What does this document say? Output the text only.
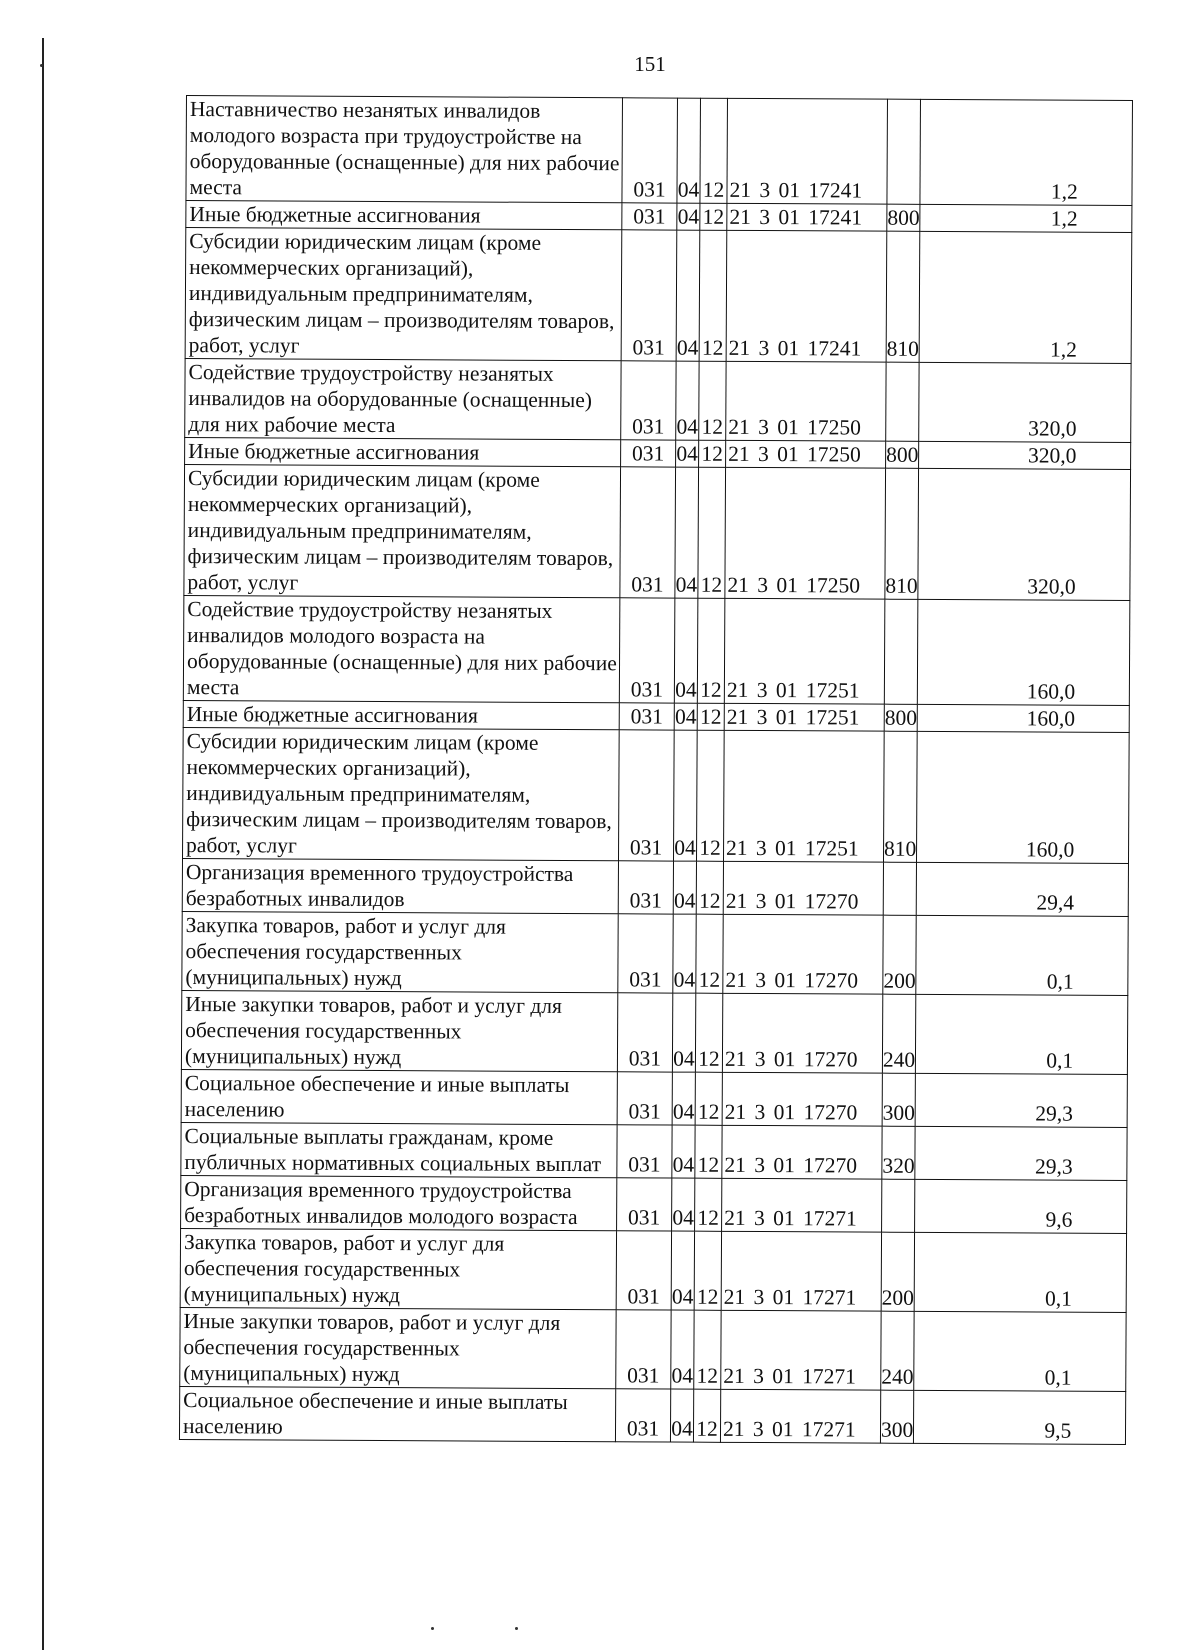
151
Наставничество незанятых инвалидов молодого возраста при трудоустройстве на оборудованные (оснащенные) для них рабочие места	031	04	12	21 3 01 17241		1,2
Иные бюджетные ассигнования	031	04	12	21 3 01 17241	800	1,2
Субсидии юридическим лицам (кроме некоммерческих организаций), индивидуальным предпринимателям, физическим лицам – производителям товаров, работ, услуг	031	04	12	21 3 01 17241	810	1,2
Содействие трудоустройству незанятых инвалидов на оборудованные (оснащенные) для них рабочие места	031	04	12	21 3 01 17250		320,0
Иные бюджетные ассигнования	031	04	12	21 3 01 17250	800	320,0
Субсидии юридическим лицам (кроме некоммерческих организаций), индивидуальным предпринимателям, физическим лицам – производителям товаров, работ, услуг	031	04	12	21 3 01 17250	810	320,0
Содействие трудоустройству незанятых инвалидов молодого возраста на оборудованные (оснащенные) для них рабочие места	031	04	12	21 3 01 17251		160,0
Иные бюджетные ассигнования	031	04	12	21 3 01 17251	800	160,0
Субсидии юридическим лицам (кроме некоммерческих организаций), индивидуальным предпринимателям, физическим лицам – производителям товаров, работ, услуг	031	04	12	21 3 01 17251	810	160,0
Организация временного трудоустройства безработных инвалидов	031	04	12	21 3 01 17270		29,4
Закупка товаров, работ и услуг для обеспечения государственных (муниципальных) нужд	031	04	12	21 3 01 17270	200	0,1
Иные закупки товаров, работ и услуг для обеспечения государственных (муниципальных) нужд	031	04	12	21 3 01 17270	240	0,1
Социальное обеспечение и иные выплаты населению	031	04	12	21 3 01 17270	300	29,3
Социальные выплаты гражданам, кроме публичных нормативных социальных выплат	031	04	12	21 3 01 17270	320	29,3
Организация временного трудоустройства безработных инвалидов молодого возраста	031	04	12	21 3 01 17271		9,6
Закупка товаров, работ и услуг для обеспечения государственных (муниципальных) нужд	031	04	12	21 3 01 17271	200	0,1
Иные закупки товаров, работ и услуг для обеспечения государственных (муниципальных) нужд	031	04	12	21 3 01 17271	240	0,1
Социальное обеспечение и иные выплаты населению	031	04	12	21 3 01 17271	300	9,5
